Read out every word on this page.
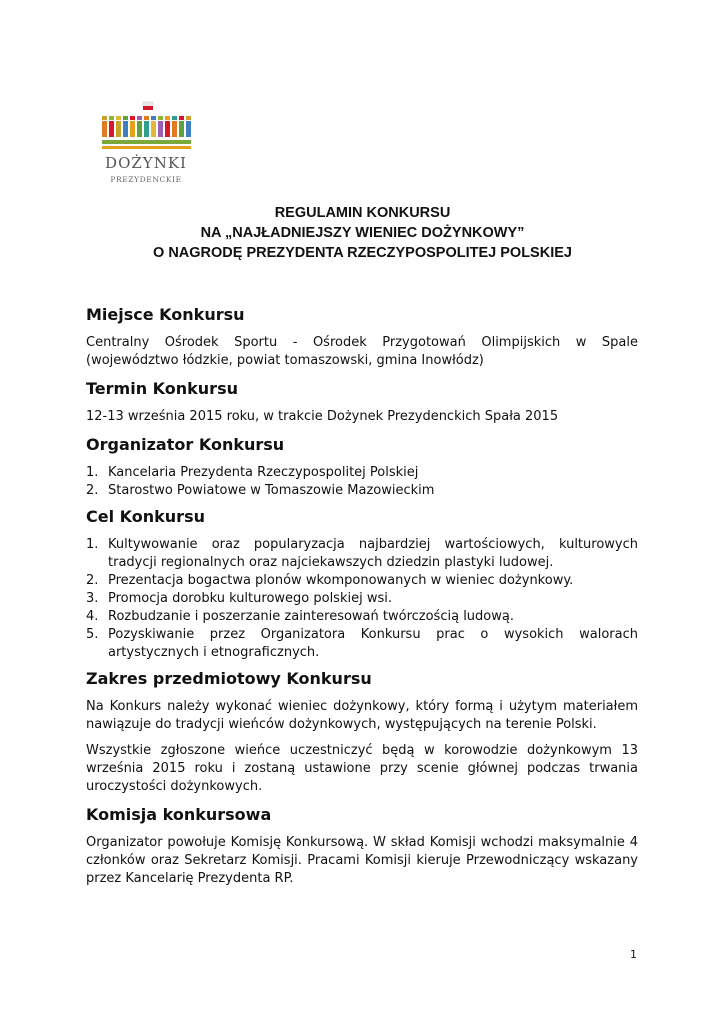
DOŻYNKI
PREZYDENCKIE
REGULAMIN KONKURSU
NA „NAJŁADNIEJSZY WIENIEC DOŻYNKOWY”
O NAGRODĘ PREZYDENTA RZECZYPOSPOLITEJ POLSKIEJ
Miejsce Konkursu

Centralny Ośrodek Sportu - Ośrodek Przygotowań Olimpijskich w Spale (województwo łódzkie, powiat tomaszowski, gmina Inowłódz)

Termin Konkursu

12-13 września 2015 roku, w trakcie Dożynek Prezydenckich Spała 2015

Organizator Konkursu
1. Kancelaria Prezydenta Rzeczypospolitej Polskiej
2. Starostwo Powiatowe w Tomaszowie Mazowieckim
Cel Konkursu
1. Kultywowanie oraz popularyzacja najbardziej wartościowych, kulturowych tradycji regionalnych oraz najciekawszych dziedzin plastyki ludowej.
2. Prezentacja bogactwa plonów wkomponowanych w wieniec dożynkowy.
3. Promocja dorobku kulturowego polskiej wsi.
4. Rozbudzanie i poszerzanie zainteresowań twórczością ludową.
5. Pozyskiwanie przez Organizatora Konkursu prac o wysokich walorach artystycznych i etnograficznych.
Zakres przedmiotowy Konkursu

Na Konkurs należy wykonać wieniec dożynkowy, który formą i użytym materiałem nawiązuje do tradycji wieńców dożynkowych, występujących na terenie Polski.

Wszystkie zgłoszone wieńce uczestniczyć będą w korowodzie dożynkowym 13 września 2015 roku i zostaną ustawione przy scenie głównej podczas trwania uroczystości dożynkowych.

Komisja konkursowa

Organizator powołuje Komisję Konkursową. W skład Komisji wchodzi maksymalnie 4 członków oraz Sekretarz Komisji. Pracami Komisji kieruje Przewodniczący wskazany przez Kancelarię Prezydenta RP.

1
